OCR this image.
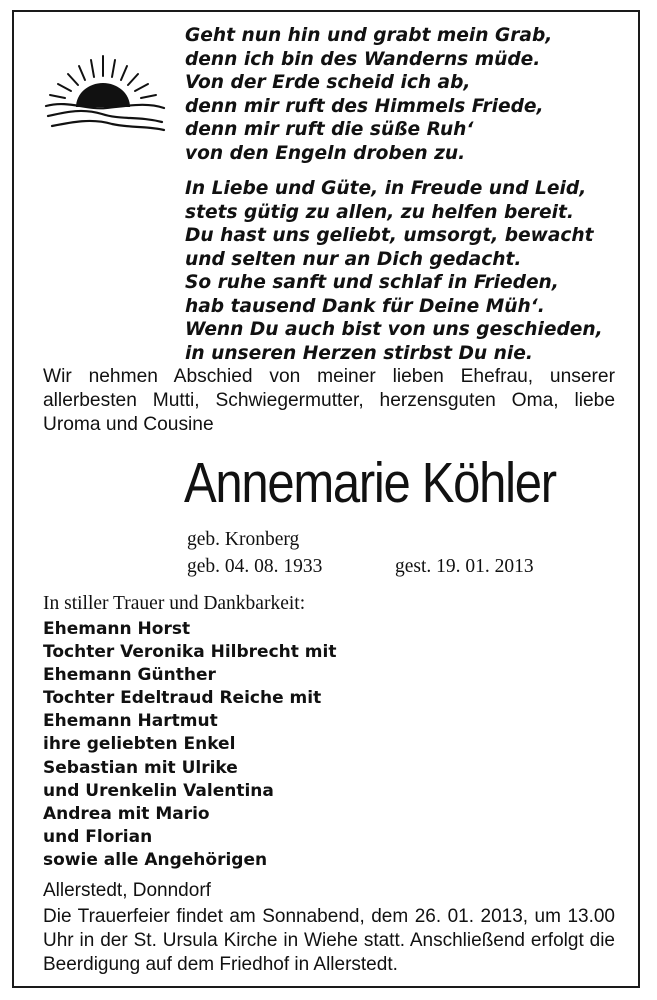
Geht nun hin und grabt mein Grab,
denn ich bin des Wanderns müde.
Von der Erde scheid ich ab,
denn mir ruft des Himmels Friede,
denn mir ruft die süße Ruh‘
von den Engeln droben zu.

In Liebe und Güte, in Freude und Leid,
stets gütig zu allen, zu helfen bereit.
Du hast uns geliebt, umsorgt, bewacht
und selten nur an Dich gedacht.
So ruhe sanft und schlaf in Frieden,
hab tausend Dank für Deine Müh‘.
Wenn Du auch bist von uns geschieden,
in unseren Herzen stirbst Du nie.

Wir nehmen Abschied von meiner lieben Ehefrau, unserer allerbesten Mutti, Schwiegermutter, herzensguten Oma, liebe Uroma und Cousine

Annemarie Köhler
geb. Kronberg
geb. 04. 08. 1933	gest. 19. 01. 2013
In stiller Trauer und Dankbarkeit:
Ehemann Horst
Tochter Veronika Hilbrecht mit
Ehemann Günther
Tochter Edeltraud Reiche mit
Ehemann Hartmut
ihre geliebten Enkel
Sebastian mit Ulrike
und Urenkelin Valentina
Andrea mit Mario
und Florian
sowie alle Angehörigen
Allerstedt, Donndorf

Die Trauerfeier findet am Sonnabend, dem 26. 01. 2013, um 13.00 Uhr in der St. Ursula Kirche in Wiehe statt. Anschließend erfolgt die Beerdigung auf dem Friedhof in Allerstedt.
